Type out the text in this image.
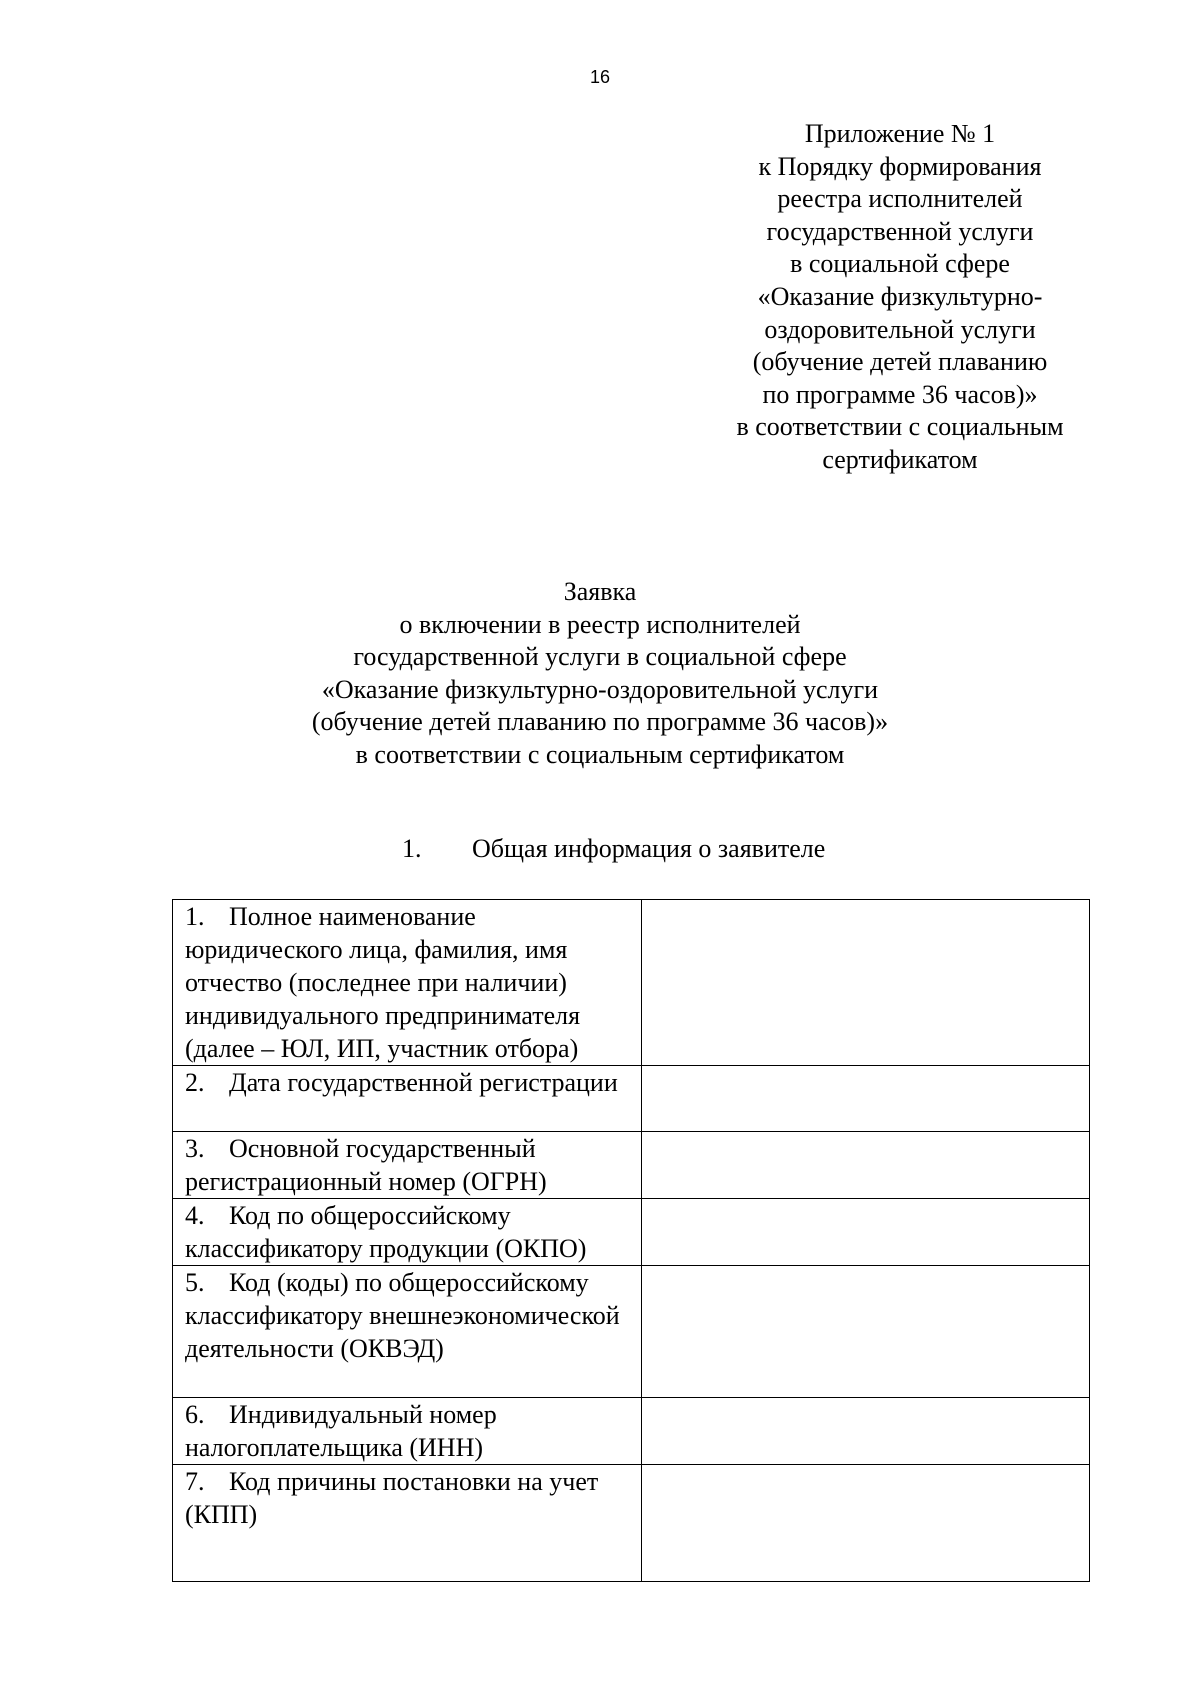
16
Приложение № 1
к Порядку формирования
реестра исполнителей
государственной услуги
в социальной сфере
«Оказание физкультурно-
оздоровительной услуги
(обучение детей плаванию
по программе 36 часов)»
в соответствии с социальным
сертификатом
Заявка
о включении в реестр исполнителей
государственной услуги в социальной сфере
«Оказание физкультурно-оздоровительной услуги
(обучение детей плаванию по программе 36 часов)»
в соответствии с социальным сертификатом
1. Общая информация о заявителе
1. Полное наименование юридического лица, фамилия, имя отчество (последнее при наличии) индивидуального предпринимателя (далее – ЮЛ, ИП, участник отбора)	
2. Дата государственной регистрации	
3. Основной государственный регистрационный номер (ОГРН)	
4. Код по общероссийскому классификатору продукции (ОКПО)	
5. Код (коды) по общероссийскому классификатору внешнеэкономической деятельности (ОКВЭД)	
6. Индивидуальный номер налогоплательщика (ИНН)	
7. Код причины постановки на учет (КПП)	
